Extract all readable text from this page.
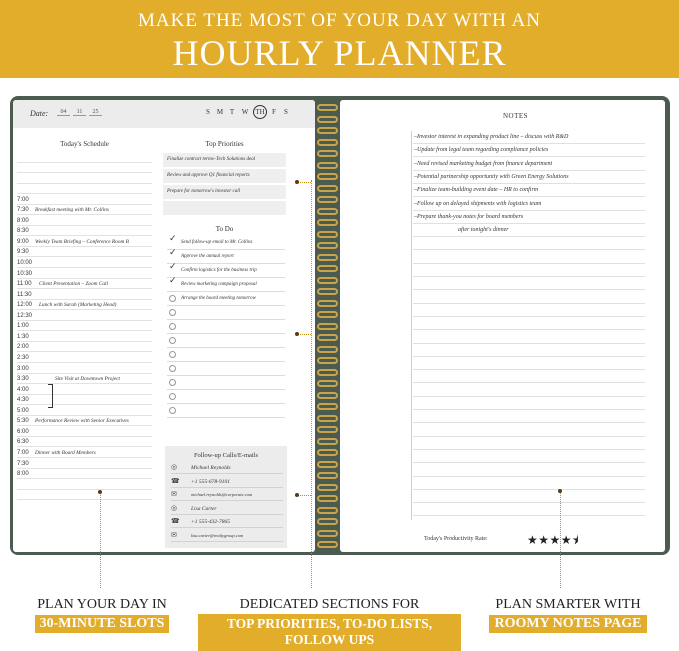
MAKE THE MOST OF YOUR DAY WITH AN
HOURLY PLANNER
Date:	04	11	25	S M T	W TH	F	S
Today's Schedule	Top Priorities
To Do
7:00
7:30 Breakfast meeting with Mr. Collins
8:00
8:30
9:00 Weekly Team Briefing – Conference Room B
9:30
10:00
10:30
11:00 Client Presentation – Zoom Call
11:30
12:00 Lunch with Sarah (Marketing Head)
12:30
1:00
1:30
2:00
2:30
3:00
3:30	Site Visit at Downtown Project
4:00
4:30
5:00
5:30 Performance Review with Senior Executives
6:00
6:30
7:00 Dinner with Board Members
7:30
8:00
Finalize contract terms–Tech Solutions deal
Review and approve Q1 financial reports
Prepare for tomorrow's investor call
✓ Send follow-up email to Mr. Collins
✓ Approve the annual report
✓ Confirm logistics for the business trip
✓ Review marketing campaign proposal
Arrange the board meeting tomorrow
Follow-up Calls/E-mails
◎	Michael Reynolds
☎ +1 555-678-9101
✉	michael.reynolds@corporate.com
◎	Lisa Carter
☎ +1 555-432-7865
✉	lisa.carter@realtygroup.com
NOTES
Today's Productivity Rate:	★★★★⯨
–Investor interest in expanding product line – discuss with R&D
–Update from legal team regarding compliance policies
–Need revised marketing budget from finance department
–Potential partnership opportunity with Green Energy Solutions
–Finalize team-building event date – HR to confirm
–Follow up on delayed shipments with logistics team
–Prepare thank-you notes for board members
after tonight's dinner
PLAN YOUR DAY IN
30-MINUTE SLOTS
DEDICATED SECTIONS FOR
TOP PRIORITIES, TO-DO LISTS,
FOLLOW UPS
PLAN SMARTER WITH
ROOMY NOTES PAGE
